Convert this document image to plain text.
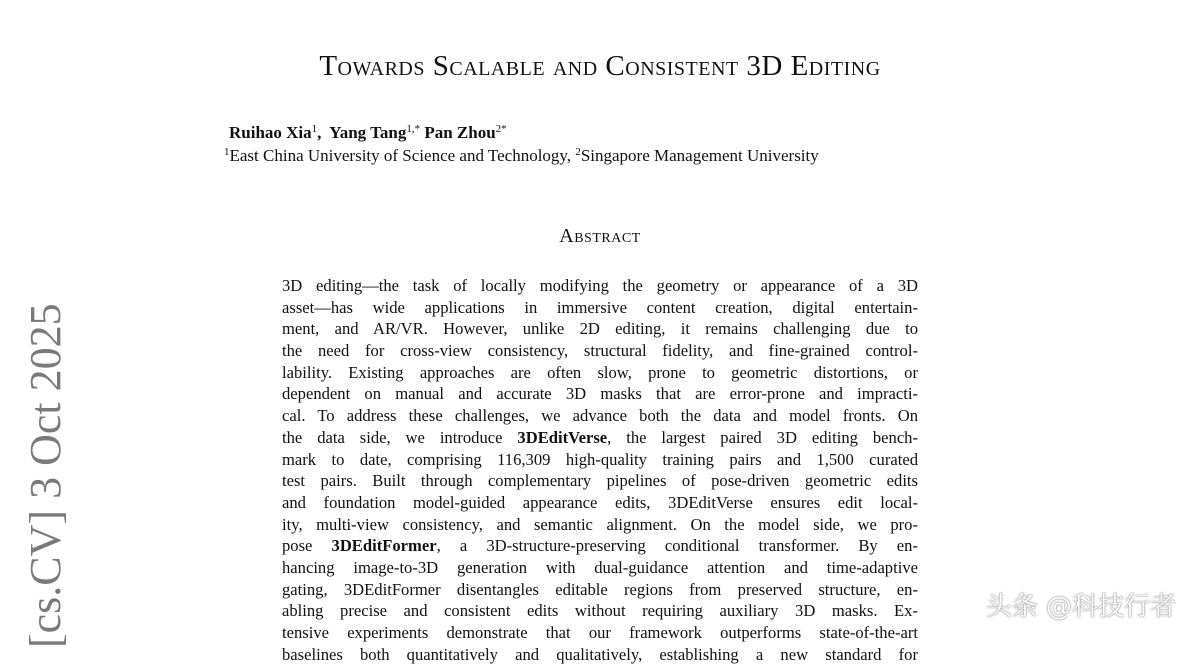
Towards Scalable and Consistent 3D Editing
Ruihao Xia$^1$,  Yang Tang$^{1,*}$ Pan Zhou$^{2*}$
$^1$East China University of Science and Technology, $^2$Singapore Management University
Abstract
3D editing—the task of locally modifying the geometry or appearance of a 3D
asset—has wide applications in immersive content creation, digital entertain-
ment, and AR/VR. However, unlike 2D editing, it remains challenging due to
the need for cross-view consistency, structural fidelity, and fine-grained control-
lability. Existing approaches are often slow, prone to geometric distortions, or
dependent on manual and accurate 3D masks that are error-prone and impracti-
cal. To address these challenges, we advance both the data and model fronts. On
the data side, we introduce 3DEditVerse, the largest paired 3D editing bench-
mark to date, comprising 116,309 high-quality training pairs and 1,500 curated
test pairs. Built through complementary pipelines of pose-driven geometric edits
and foundation model-guided appearance edits, 3DEditVerse ensures edit local-
ity, multi-view consistency, and semantic alignment. On the model side, we pro-
pose 3DEditFormer, a 3D-structure-preserving conditional transformer. By en-
hancing image-to-3D generation with dual-guidance attention and time-adaptive
gating, 3DEditFormer disentangles editable regions from preserved structure, en-
abling precise and consistent edits without requiring auxiliary 3D masks. Ex-
tensive experiments demonstrate that our framework outperforms state-of-the-art
baselines both quantitatively and qualitatively, establishing a new standard for
[cs.CV] 3 Oct 2025	头条 @科技行者
